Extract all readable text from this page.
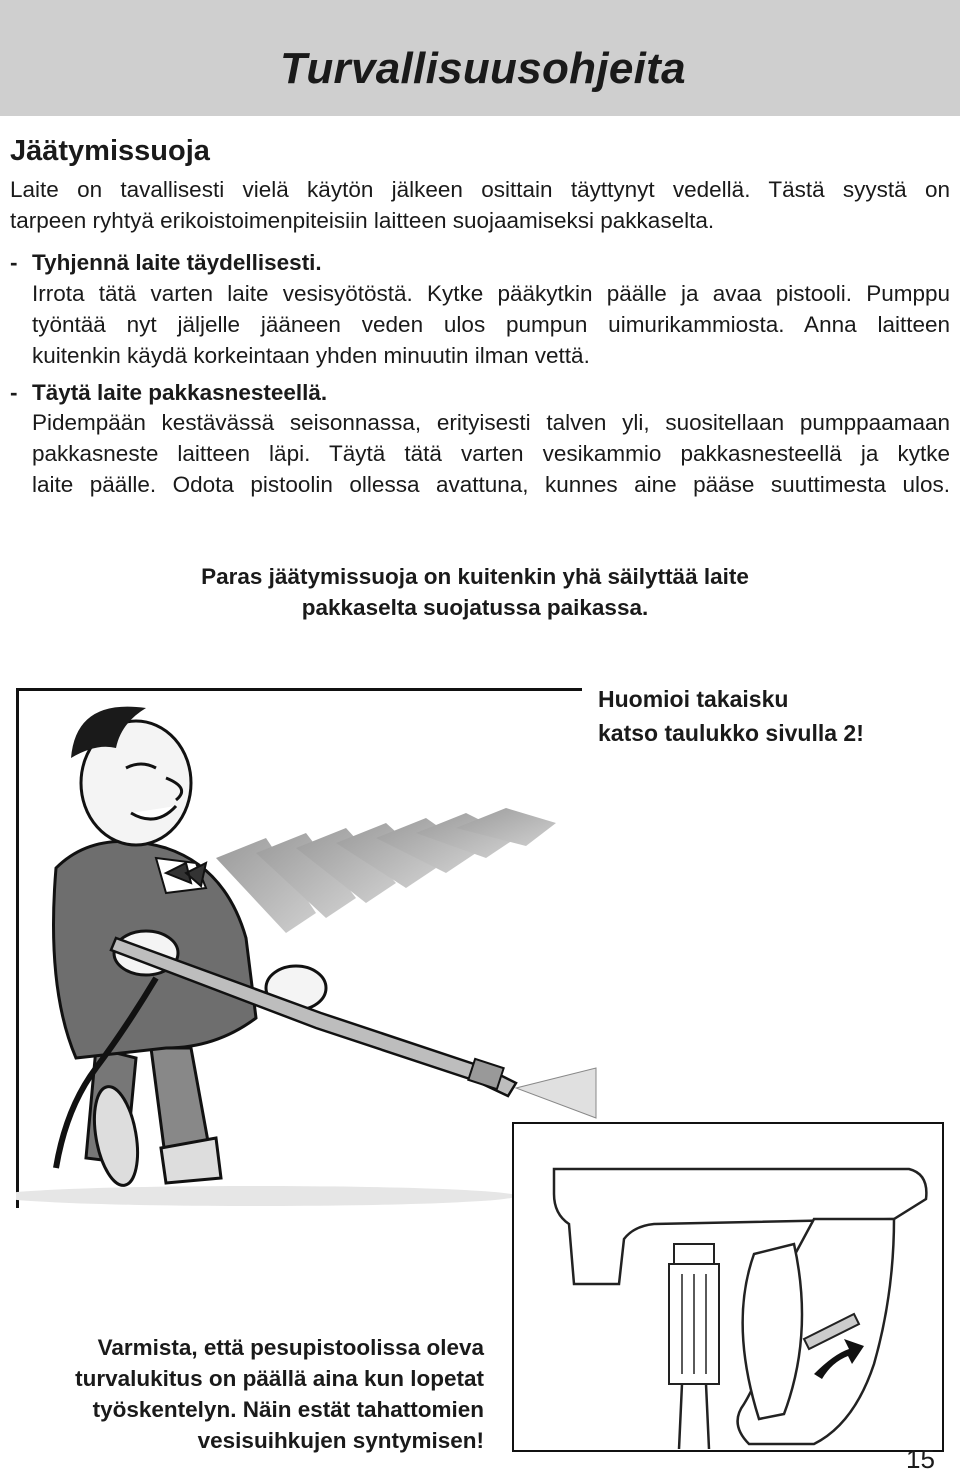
Turvallisuusohjeita
Jäätymissuoja
Laite on tavallisesti vielä käytön jälkeen osittain täyttynyt vedellä. Tästä syystä on
tarpeen ryhtyä erikoistoimenpiteisiin laitteen suojaamiseksi pakkaselta.
- Tyhjennä laite täydellisesti.
Irrota tätä varten laite vesisyötöstä. Kytke pääkytkin päälle ja avaa pistooli. Pumppu
työntää nyt jäljelle jääneen veden ulos pumpun uimurikammiosta. Anna laitteen
kuitenkin käydä korkeintaan yhden minuutin ilman vettä.
- Täytä laite pakkasnesteellä.
Pidempään kestävässä seisonnassa, erityisesti talven yli, suositellaan pumppaamaan
pakkasneste laitteen läpi. Täytä tätä varten vesikammio pakkasnesteellä ja kytke
laite päälle. Odota pistoolin ollessa avattuna, kunnes aine pääse suuttimesta ulos.
Paras jäätymissuoja on kuitenkin yhä säilyttää laite
pakkaselta suojatussa paikassa.
Huomioi takaisku
katso taulukko sivulla 2!
Varmista, että pesupistoolissa oleva
turvalukitus on päällä aina kun lopetat
työskentelyn. Näin estät tahattomien
vesisuihkujen syntymisen!
15
